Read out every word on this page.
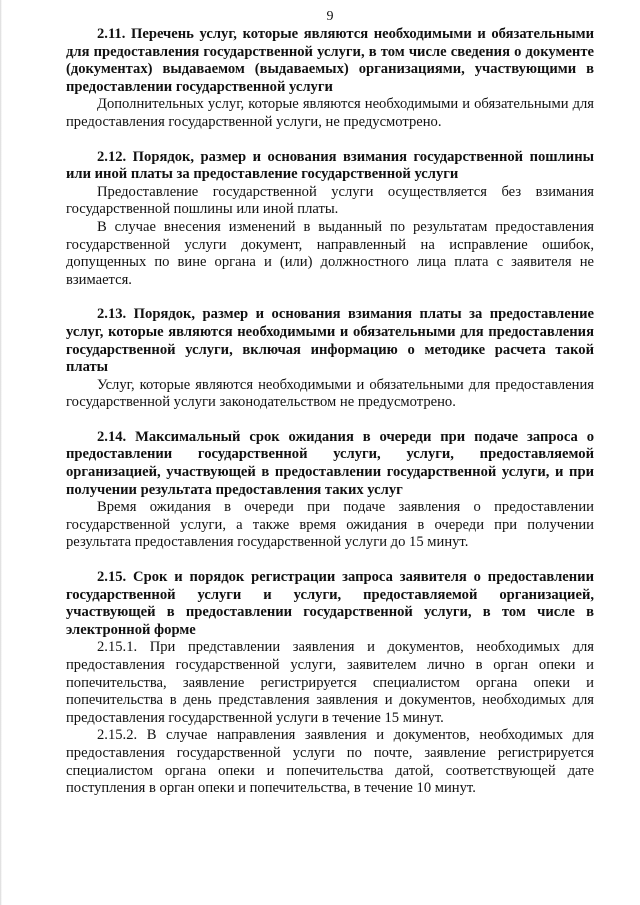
9

2.11. Перечень услуг, которые являются необходимыми и обязательными для предоставления государственной услуги, в том числе сведения о документе (документах) выдаваемом (выдаваемых) организациями, участвующими в предоставлении государственной услуги

Дополнительных услуг, которые являются необходимыми и обязательными для предоставления государственной услуги, не предусмотрено.

2.12. Порядок, размер и основания взимания государственной пошлины или иной платы за предоставление государственной услуги

Предоставление государственной услуги осуществляется без взимания государственной пошлины или иной платы.

В случае внесения изменений в выданный по результатам предоставления государственной услуги документ, направленный на исправление ошибок, допущенных по вине органа и (или) должностного лица плата с заявителя не взимается.

2.13. Порядок, размер и основания взимания платы за предоставление услуг, которые являются необходимыми и обязательными для предоставления государственной услуги, включая информацию о методике расчета такой платы

Услуг, которые являются необходимыми и обязательными для предоставления государственной услуги законодательством не предусмотрено.

2.14. Максимальный срок ожидания в очереди при подаче запроса о предоставлении государственной услуги, услуги, предоставляемой организацией, участвующей в предоставлении государственной услуги, и при получении результата предоставления таких услуг

Время ожидания в очереди при подаче заявления о предоставлении государственной услуги, а также время ожидания в очереди при получении результата предоставления государственной услуги до 15 минут.

2.15. Срок и порядок регистрации запроса заявителя о предоставлении государственной услуги и услуги, предоставляемой организацией, участвующей в предоставлении государственной услуги, в том числе в электронной форме

2.15.1. При представлении заявления и документов, необходимых для предоставления государственной услуги, заявителем лично в орган опеки и попечительства, заявление регистрируется специалистом органа опеки и попечительства в день представления заявления и документов, необходимых для предоставления государственной услуги в течение 15 минут.

2.15.2. В случае направления заявления и документов, необходимых для предоставления государственной услуги по почте, заявление регистрируется специалистом органа опеки и попечительства датой, соответствующей дате поступления в орган опеки и попечительства, в течение 10 минут.
